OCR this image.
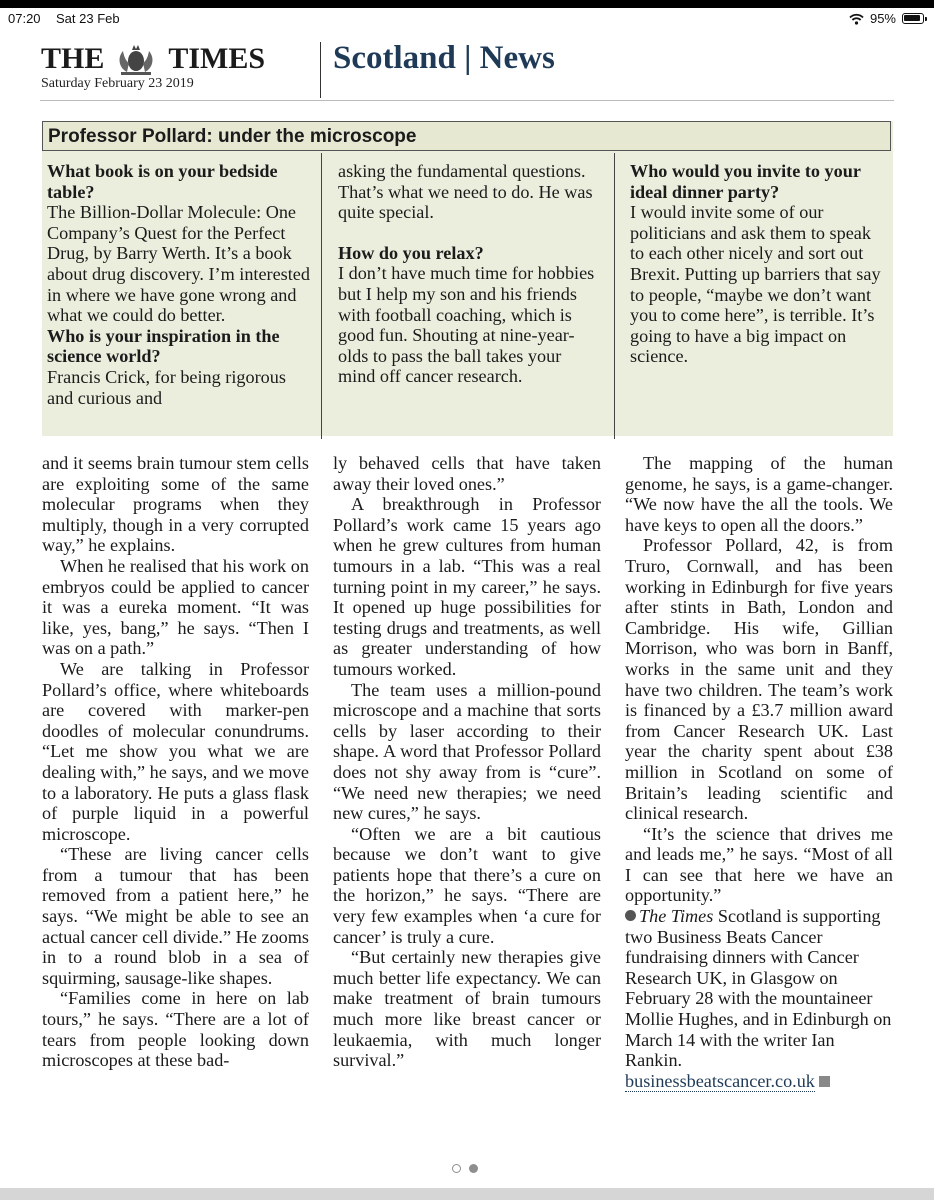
07:20 Sat 23 Feb	95%
THE TIMES
Saturday February 23 2019
Scotland | News
Professor Pollard: under the microscope

What book is on your bedside table?

The Billion-Dollar Molecule: One Company’s Quest for the Perfect Drug, by Barry Werth. It’s a book about drug discovery. I’m interested in where we have gone wrong and what we could do better.

Who is your inspiration in the science world?

Francis Crick, for being rigorous and curious and

asking the fundamental questions. That’s what we need to do. He was quite special.

How do you relax?

I don’t have much time for hobbies but I help my son and his friends with football coaching, which is good fun. Shouting at nine-year-olds to pass the ball takes your mind off cancer research.

Who would you invite to your ideal dinner party?

I would invite some of our politicians and ask them to speak to each other nicely and sort out Brexit. Putting up barriers that say to people, “maybe we don’t want you to come here”, is terrible. It’s going to have a big impact on science.

and it seems brain tumour stem cells are exploiting some of the same molecular programs when they multiply, though in a very corrupted way,” he explains.

When he realised that his work on embryos could be applied to cancer it was a eureka moment. “It was like, yes, bang,” he says. “Then I was on a path.”

We are talking in Professor Pollard’s office, where whiteboards are covered with marker-pen doodles of molecular conundrums. “Let me show you what we are dealing with,” he says, and we move to a laboratory. He puts a glass flask of purple liquid in a powerful microscope.

“These are living cancer cells from a tumour that has been removed from a patient here,” he says. “We might be able to see an actual cancer cell divide.” He zooms in to a round blob in a sea of squirming, sausage-like shapes.

“Families come in here on lab tours,” he says. “There are a lot of tears from people looking down microscopes at these bad-

ly behaved cells that have taken away their loved ones.”

A breakthrough in Professor Pollard’s work came 15 years ago when he grew cultures from human tumours in a lab. “This was a real turning point in my career,” he says. It opened up huge possibilities for testing drugs and treatments, as well as greater understanding of how tumours worked.

The team uses a million-pound microscope and a machine that sorts cells by laser according to their shape. A word that Professor Pollard does not shy away from is “cure”. “We need new therapies; we need new cures,” he says.

“Often we are a bit cautious because we don’t want to give patients hope that there’s a cure on the horizon,” he says. “There are very few examples when ‘a cure for cancer’ is truly a cure.

“But certainly new therapies give much better life expectancy. We can make treatment of brain tumours much more like breast cancer or leukaemia, with much longer survival.”

The mapping of the human genome, he says, is a game-changer. “We now have the all the tools. We have keys to open all the doors.”

Professor Pollard, 42, is from Truro, Cornwall, and has been working in Edinburgh for five years after stints in Bath, London and Cambridge. His wife, Gillian Morrison, who was born in Banff, works in the same unit and they have two children. The team’s work is financed by a £3.7 million award from Cancer Research UK. Last year the charity spent about £38 million in Scotland on some of Britain’s leading scientific and clinical research.

“It’s the science that drives me and leads me,” he says. “Most of all I can see that here we have an opportunity.”

The Times Scotland is supporting two Business Beats Cancer fundraising dinners with Cancer Research UK, in Glasgow on February 28 with the mountaineer Mollie Hughes, and in Edinburgh on March 14 with the writer Ian Rankin.
businessbeatscancer.co.uk
